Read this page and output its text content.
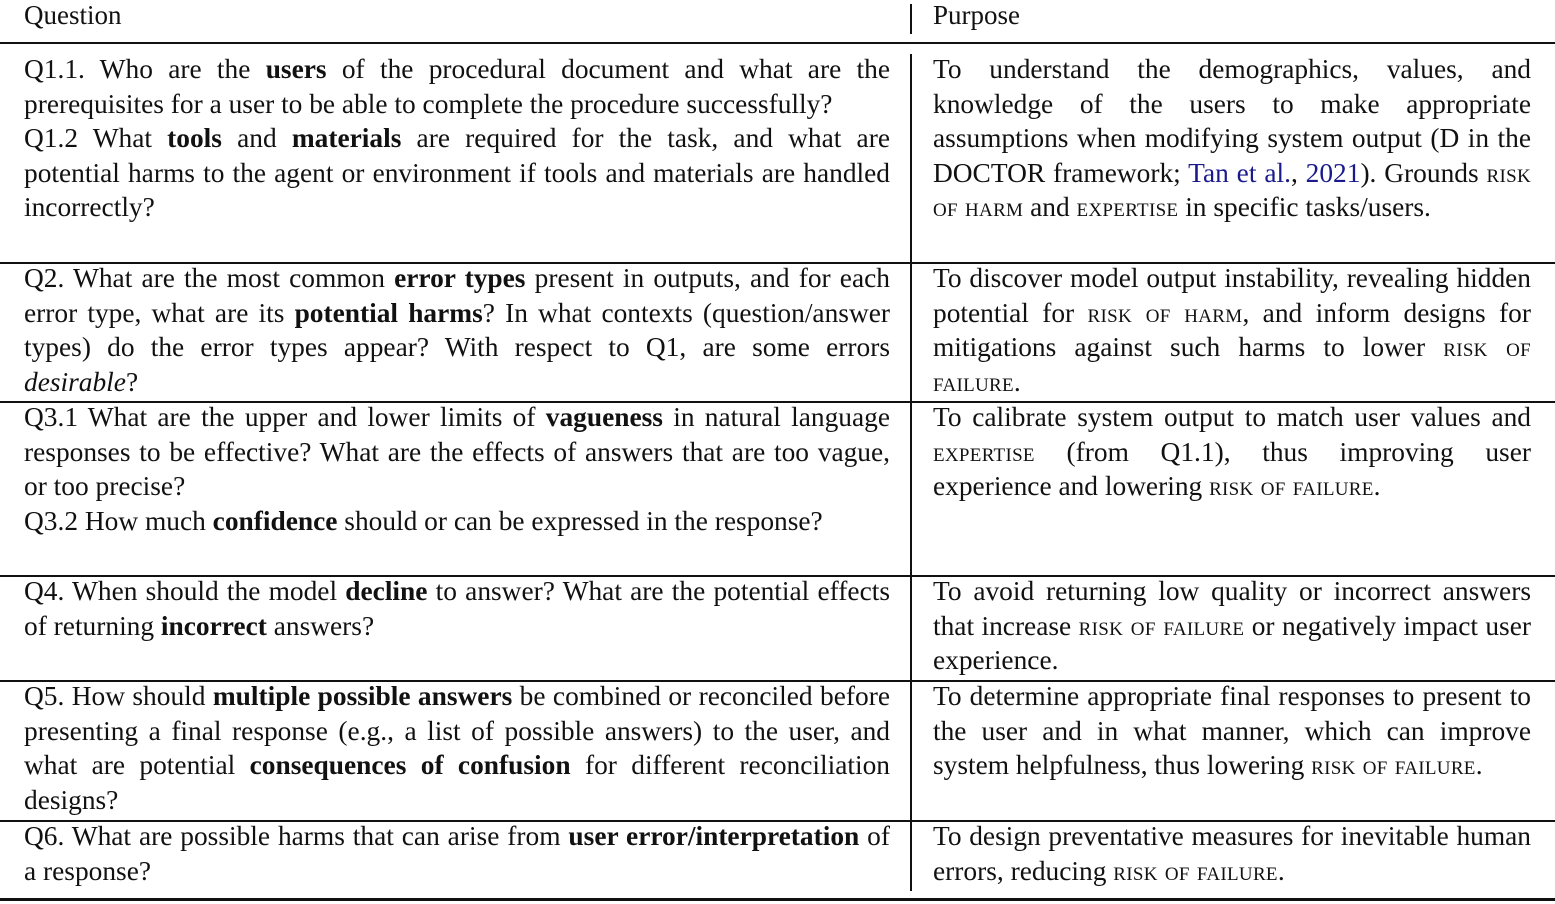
Question	Purpose

Q1.1. Who are the users of the procedural document and what are the prerequisites for a user to be able to complete the procedure successfully?

Q1.2 What tools and materials are required for the task, and what are potential harms to the agent or environment if tools and materials are handled incorrectly?

To understand the demographics, values, and knowledge of the users to make appropriate assumptions when modifying system output (D in the DOCTOR framework; Tan et al., 2021). Grounds risk of harm and expertise in specific tasks/users.

Q2. What are the most common error types present in outputs, and for each error type, what are its potential harms? In what contexts (question/answer types) do the error types appear? With respect to Q1, are some errors desirable?

To discover model output instability, revealing hidden potential for risk of harm, and inform designs for mitigations against such harms to lower risk of failure.

Q3.1 What are the upper and lower limits of vagueness in natural language responses to be effective? What are the effects of answers that are too vague, or too precise?

Q3.2 How much confidence should or can be expressed in the response?

To calibrate system output to match user values and expertise (from Q1.1), thus improving user experience and lowering risk of failure.

Q4. When should the model decline to answer? What are the potential effects of returning incorrect answers?

To avoid returning low quality or incorrect answers that increase risk of failure or negatively impact user experience.

Q5. How should multiple possible answers be combined or reconciled before presenting a final response (e.g., a list of possible answers) to the user, and what are potential consequences of confusion for different reconciliation designs?

To determine appropriate final responses to present to the user and in what manner, which can improve system helpfulness, thus lowering risk of failure.

Q6. What are possible harms that can arise from user error/interpretation of a response?

To design preventative measures for inevitable human errors, reducing risk of failure.
